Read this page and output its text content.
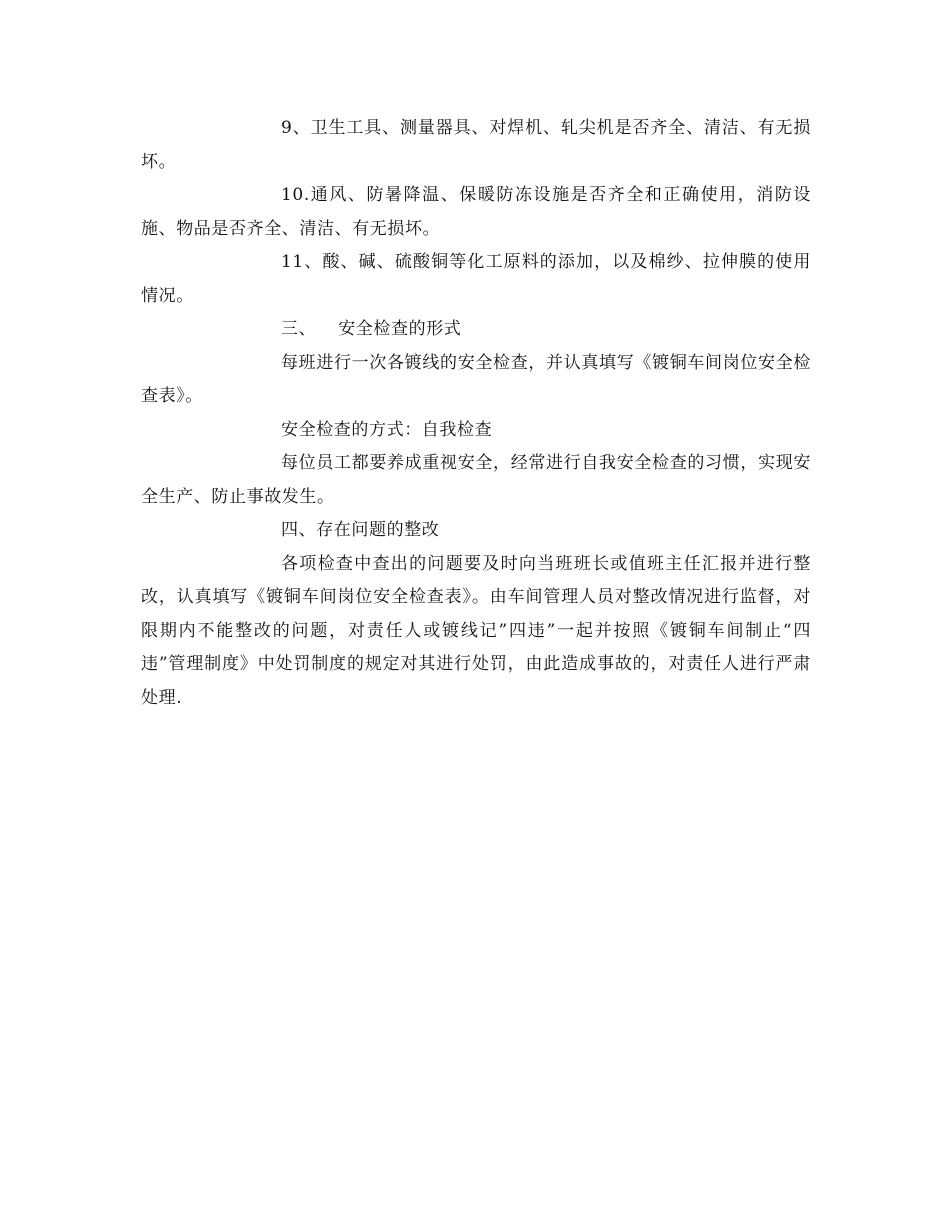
9、卫生工具、测量器具、对焊机、轧尖机是否齐全、清洁、有无损坏。

10.通风、防暑降温、保暖防冻设施是否齐全和正确使用，消防设施、物品是否齐全、清洁、有无损坏。

11、酸、碱、硫酸铜等化工原料的添加，以及棉纱、拉伸膜的使用情况。

三、 安全检查的形式

每班进行一次各镀线的安全检查，并认真填写《镀铜车间岗位安全检查表》。

安全检查的方式：自我检查

每位员工都要养成重视安全，经常进行自我安全检查的习惯，实现安全生产、防止事故发生。

四、存在问题的整改

各项检查中查出的问题要及时向当班班长或值班主任汇报并进行整改，认真填写《镀铜车间岗位安全检查表》。由车间管理人员对整改情况进行监督，对限期内不能整改的问题，对责任人或镀线记”四违”一起并按照《镀铜车间制止“四违”管理制度》中处罚制度的规定对其进行处罚，由此造成事故的，对责任人进行严肃处理.
